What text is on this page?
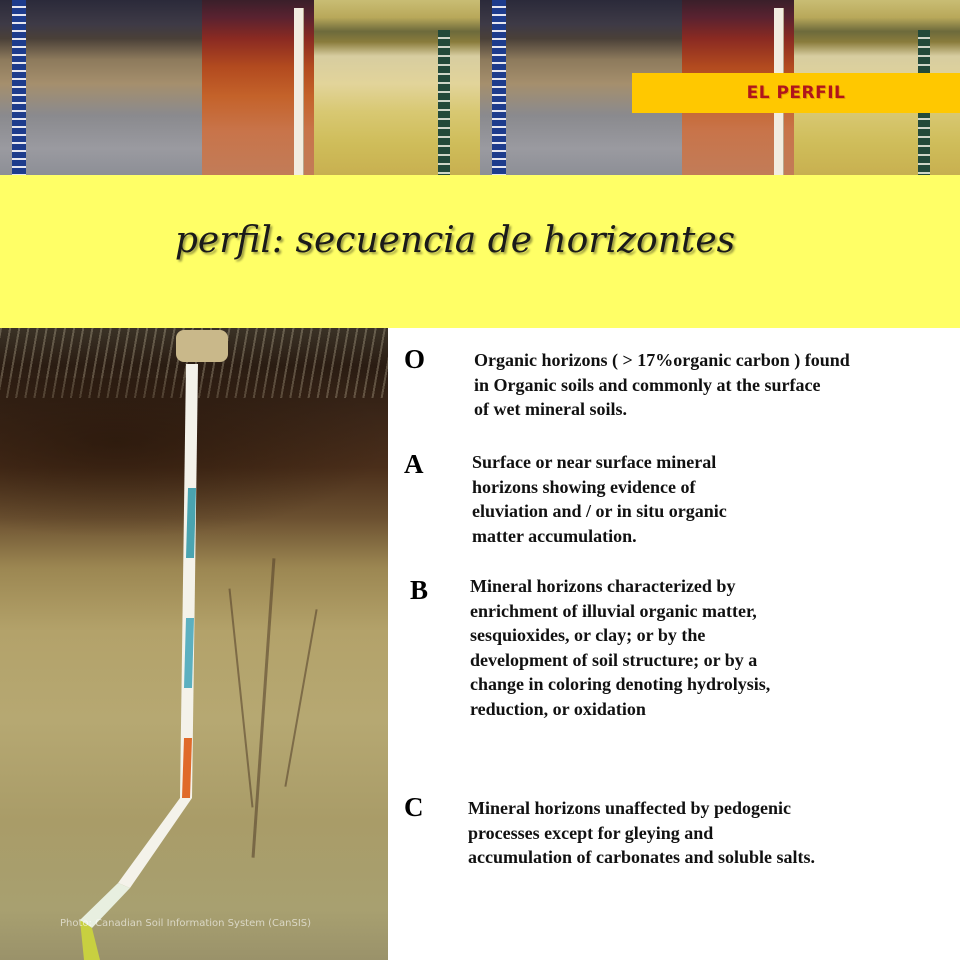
EL PERFIL
perfil: secuencia de horizontes
Photo: Canadian Soil Information System (CanSIS)
O	Organic horizons ( > 17%organic carbon ) found
in Organic soils and commonly at the surface
of wet mineral soils.

A	Surface or near surface mineral
horizons showing evidence of
eluviation and / or in situ organic
matter accumulation.

B Mineral horizons characterized by
enrichment of illuvial organic matter,
sesquioxides, or clay; or by the
development of soil structure; or by a
change in coloring denoting hydrolysis,
reduction, or oxidation

C Mineral horizons unaffected by pedogenic
processes except for gleying and
accumulation of carbonates and soluble salts.
